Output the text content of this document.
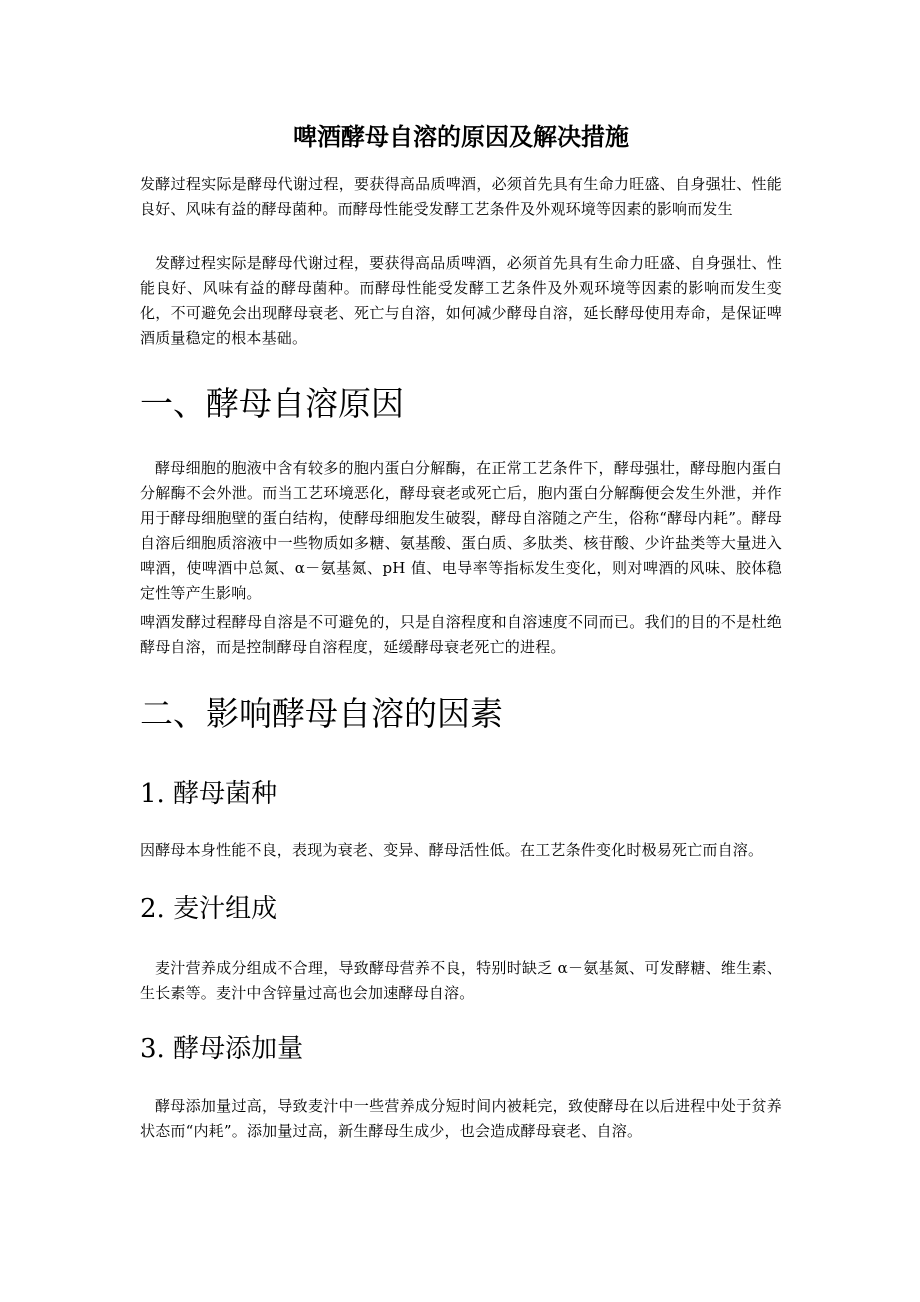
啤酒酵母自溶的原因及解决措施

发酵过程实际是酵母代谢过程，要获得高品质啤酒，必须首先具有生命力旺盛、自身强壮、性能良好、风味有益的酵母菌种。而酵母性能受发酵工艺条件及外观环境等因素的影响而发生

发酵过程实际是酵母代谢过程，要获得高品质啤酒，必须首先具有生命力旺盛、自身强壮、性能良好、风味有益的酵母菌种。而酵母性能受发酵工艺条件及外观环境等因素的影响而发生变化，不可避免会出现酵母衰老、死亡与自溶，如何减少酵母自溶，延长酵母使用寿命，是保证啤酒质量稳定的根本基础。

一、酵母自溶原因

酵母细胞的胞液中含有较多的胞内蛋白分解酶，在正常工艺条件下，酵母强壮，酵母胞内蛋白分解酶不会外泄。而当工艺环境恶化，酵母衰老或死亡后，胞内蛋白分解酶便会发生外泄，并作用于酵母细胞壁的蛋白结构，使酵母细胞发生破裂，酵母自溶随之产生，俗称“酵母内耗”。酵母自溶后细胞质溶液中一些物质如多糖、氨基酸、蛋白质、多肽类、核苷酸、少许盐类等大量进入啤酒，使啤酒中总氮、α－氨基氮、pH 值、电导率等指标发生变化，则对啤酒的风味、胶体稳定性等产生影响。

啤酒发酵过程酵母自溶是不可避免的，只是自溶程度和自溶速度不同而已。我们的目的不是杜绝酵母自溶，而是控制酵母自溶程度，延缓酵母衰老死亡的进程。

二、影响酵母自溶的因素
1. 酵母菌种

因酵母本身性能不良，表现为衰老、变异、酵母活性低。在工艺条件变化时极易死亡而自溶。

2. 麦汁组成

麦汁营养成分组成不合理，导致酵母营养不良，特别时缺乏 α－氨基氮、可发酵糖、维生素、生长素等。麦汁中含锌量过高也会加速酵母自溶。

3. 酵母添加量

酵母添加量过高，导致麦汁中一些营养成分短时间内被耗完，致使酵母在以后进程中处于贫养状态而“内耗”。添加量过高，新生酵母生成少，也会造成酵母衰老、自溶。
